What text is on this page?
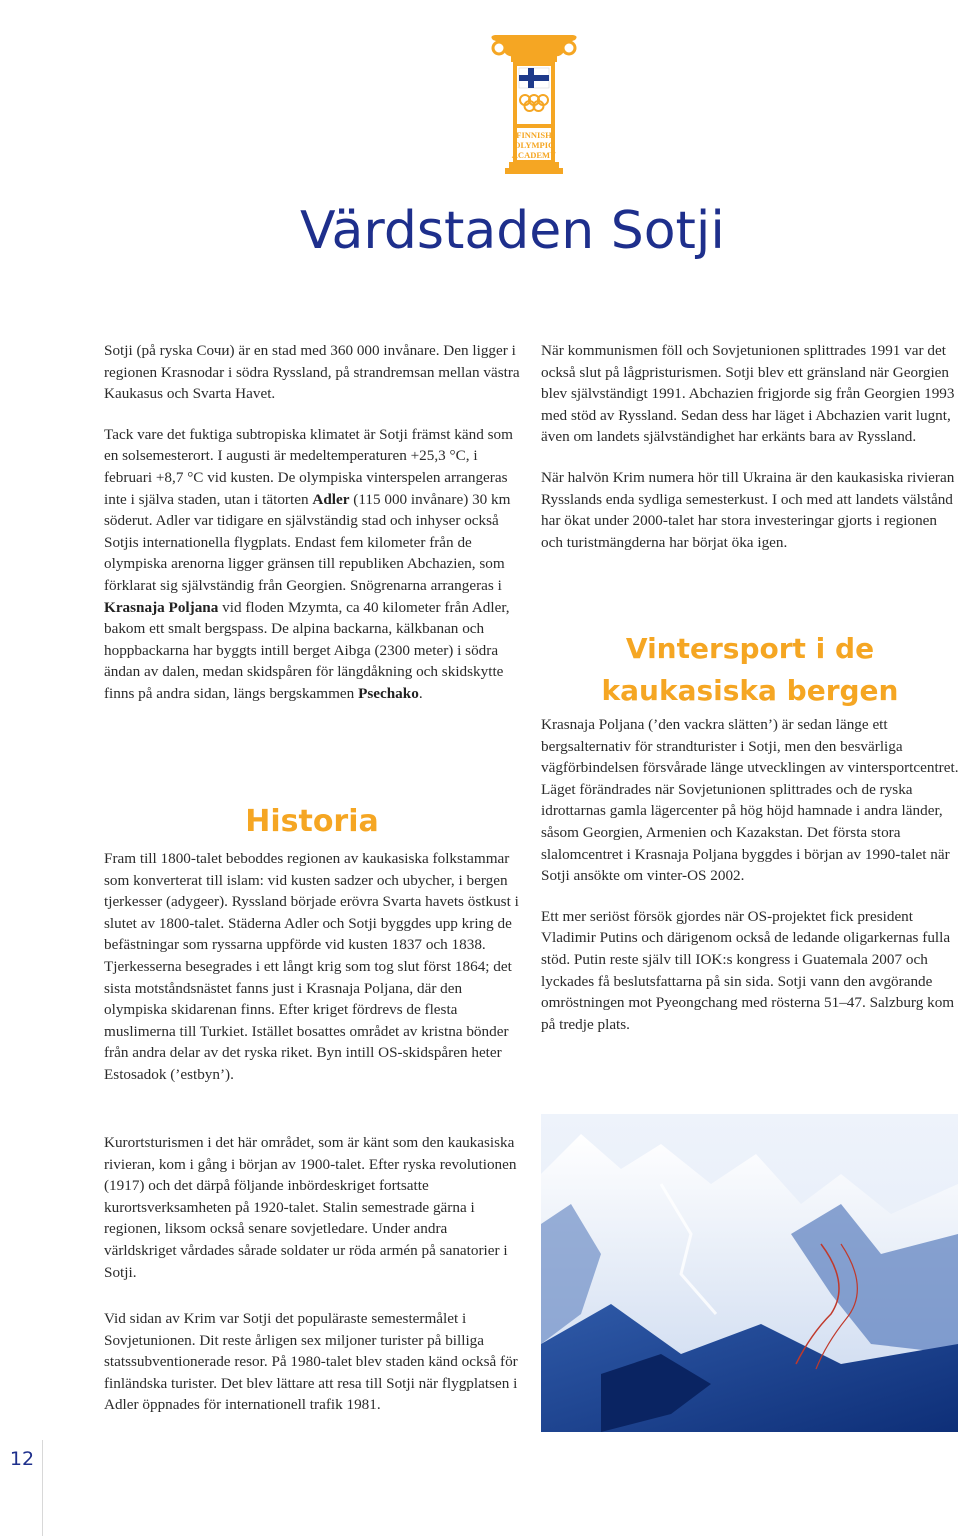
FINNISH
OLYMPIC
ACADEMY
Värdstaden Sotji

Sotji (på ryska Сочи) är en stad med 360 000 invånare. Den ligger i regionen Krasnodar i södra Ryssland, på strandremsan mellan västra Kaukasus och Svarta Havet.

Tack vare det fuktiga subtropiska klimatet är Sotji främst känd som en solsemesterort. I augusti är medeltemperaturen +25,3 °C, i februari +8,7 °C vid kusten. De olympiska vinterspelen arrangeras inte i själva staden, utan i tätorten Adler (115 000 invånare) 30 km söderut. Adler var tidigare en självständig stad och inhyser också Sotjis internationella flygplats. Endast fem kilometer från de olympiska arenorna ligger gränsen till republiken Abchazien, som förklarat sig självständig från Georgien. Snögrenarna arrangeras i Krasnaja Poljana vid floden Mzymta, ca 40 kilometer från Adler, bakom ett smalt bergspass. De alpina backarna, kälkbanan och hoppbackarna har byggts intill berget Aibga (2300 meter) i södra ändan av dalen, medan skidspåren för längdåkning och skidskytte finns på andra sidan, längs bergskammen Psechako.

Historia

Fram till 1800-talet beboddes regionen av kaukasiska folkstammar som konverterat till islam: vid kusten sadzer och ubycher, i bergen tjerkesser (adygeer). Ryssland började erövra Svarta havets östkust i slutet av 1800-talet. Städerna Adler och Sotji byggdes upp kring de befästningar som ryssarna uppförde vid kusten 1837 och 1838. Tjerkesserna besegrades i ett långt krig som tog slut först 1864; det sista motståndsnästet fanns just i Krasnaja Poljana, där den olympiska skidarenan finns. Efter kriget fördrevs de flesta muslimerna till Turkiet. Istället bosattes området av kristna bönder från andra delar av det ryska riket. Byn intill OS-skidspåren heter Estosadok (’estbyn’).

Kurortsturismen i det här området, som är känt som den kaukasiska rivieran, kom i gång i början av 1900-talet. Efter ryska revolutionen (1917) och det därpå följande inbördeskriget fortsatte kurortsverksamheten på 1920-talet. Stalin semestrade gärna i regionen, liksom också senare sovjetledare. Under andra världskriget vårdades sårade soldater ur röda armén på sanatorier i Sotji.

Vid sidan av Krim var Sotji det populäraste semestermålet i Sovjetunionen. Dit reste årligen sex miljoner turister på billiga statssubventionerade resor. På 1980-talet blev staden känd också för finländska turister. Det blev lättare att resa till Sotji när flygplatsen i Adler öppnades för internationell trafik 1981.

När kommunismen föll och Sovjetunionen splittrades 1991 var det också slut på lågpristurismen. Sotji blev ett gränsland när Georgien blev självständigt 1991. Abchazien frigjorde sig från Georgien 1993 med stöd av Ryssland. Sedan dess har läget i Abchazien varit lugnt, även om landets självständighet har erkänts bara av Ryssland.

När halvön Krim numera hör till Ukraina är den kaukasiska rivieran Rysslands enda sydliga semesterkust. I och med att landets välstånd har ökat under 2000-talet har stora investeringar gjorts i regionen och turistmängderna har börjat öka igen.

Vintersport i de kaukasiska bergen

Krasnaja Poljana (’den vackra slätten’) är sedan länge ett bergsalternativ för strandturister i Sotji, men den besvärliga vägförbindelsen försvårade länge utvecklingen av vintersportcentret. Läget förändrades när Sovjetunionen splittrades och de ryska idrottarnas gamla lägercenter på hög höjd hamnade i andra länder, såsom Georgien, Armenien och Kazakstan. Det första stora slalomcentret i Krasnaja Poljana byggdes i början av 1990-talet när Sotji ansökte om vinter-OS 2002.

Ett mer seriöst försök gjordes när OS-projektet fick president Vladimir Putins och därigenom också de ledande oligarkernas fulla stöd. Putin reste själv till IOK:s kongress i Guatemala 2007 och lyckades få beslutsfattarna på sin sida. Sotji vann den avgörande omröstningen mot Pyeongchang med rösterna 51–47. Salzburg kom på tredje plats.

12
